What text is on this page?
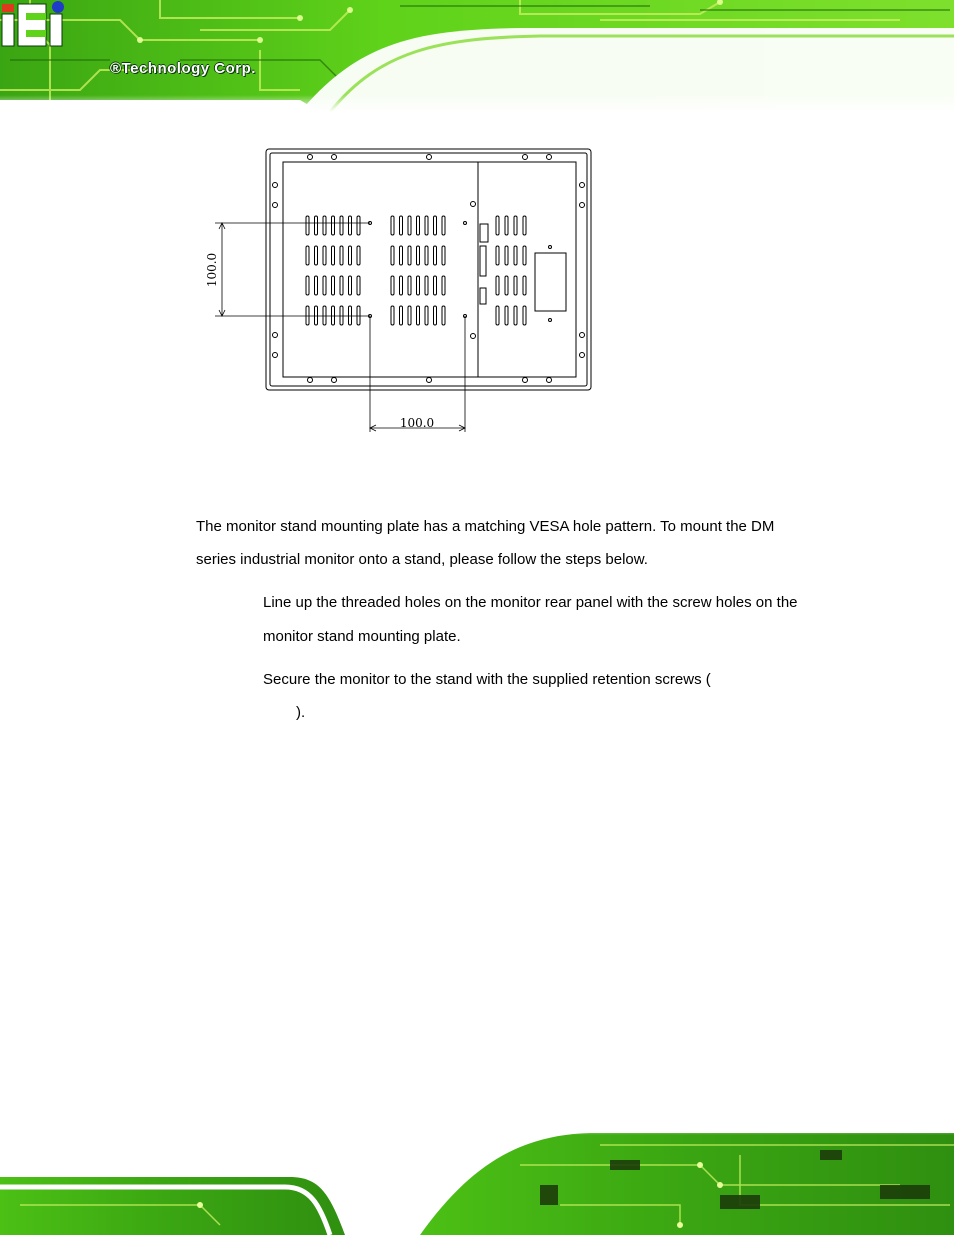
®Technology Corp.
100.0
100.0
The monitor stand mounting plate has a matching VESA hole pattern. To mount the DM
series industrial monitor onto a stand, please follow the steps below.
Line up the threaded holes on the monitor rear panel with the screw holes on the
monitor stand mounting plate.
Secure the monitor to the stand with the supplied retention screws (
).
